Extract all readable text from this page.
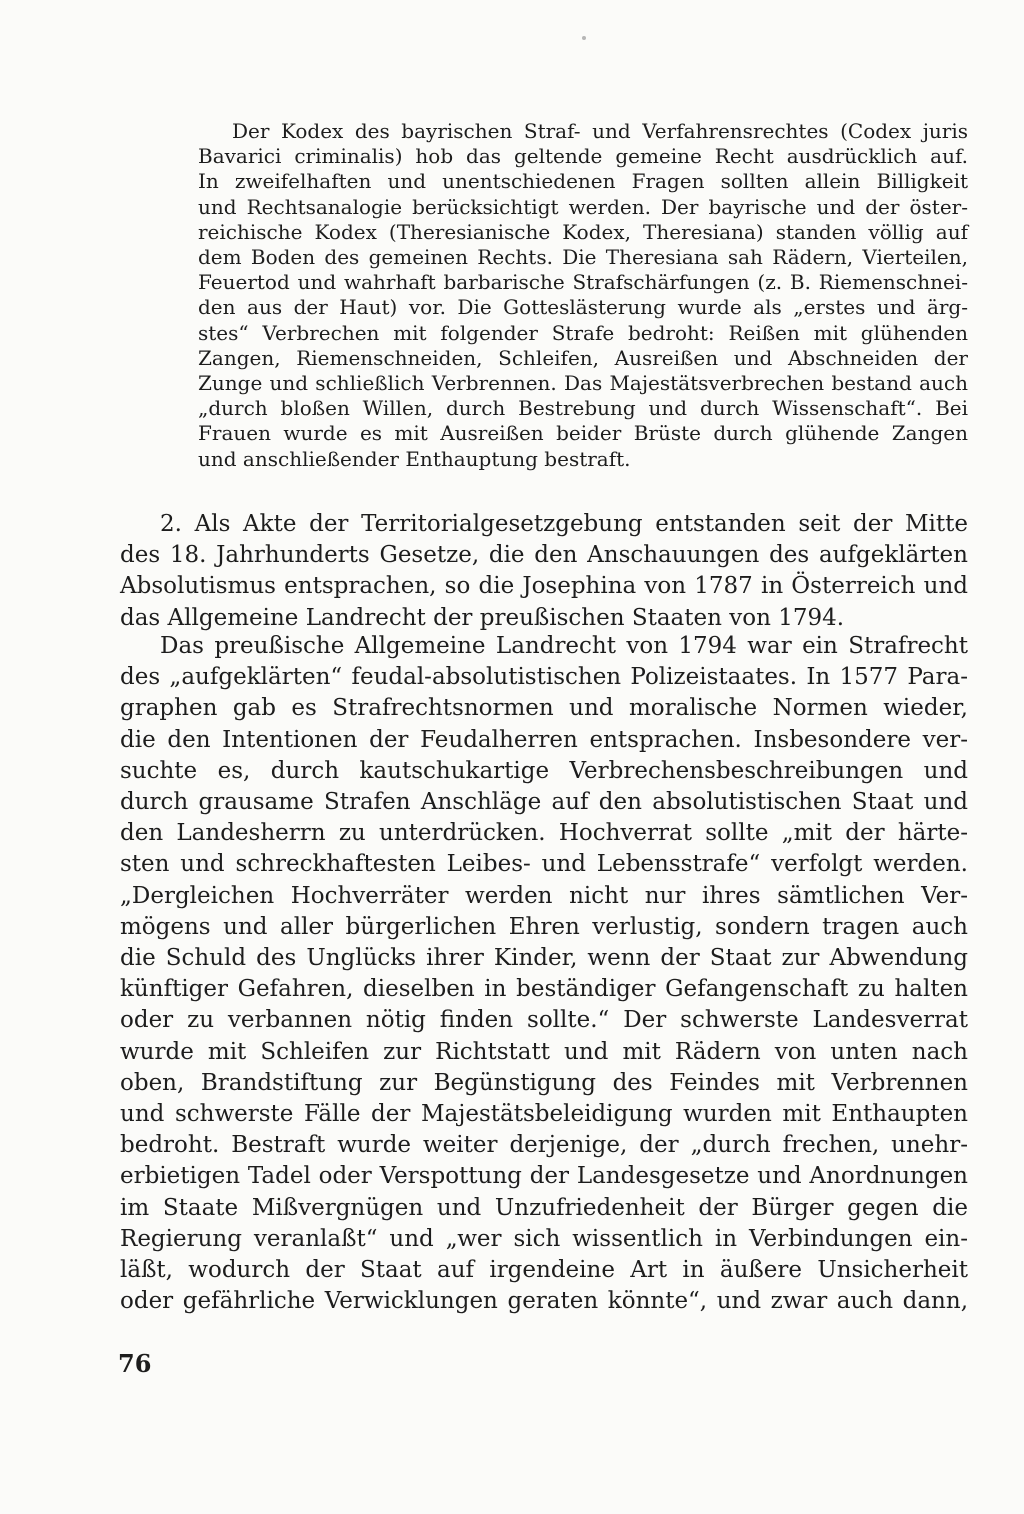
Der Kodex des bayrischen Straf- und Verfahrensrechtes (Codex juris
Bavarici criminalis) hob das geltende gemeine Recht ausdrücklich auf.
In zweifelhaften und unentschiedenen Fragen sollten allein Billigkeit
und Rechtsanalogie berücksichtigt werden. Der bayrische und der öster-
reichische Kodex (Theresianische Kodex, Theresiana) standen völlig auf
dem Boden des gemeinen Rechts. Die Theresiana sah Rädern, Vierteilen,
Feuertod und wahrhaft barbarische Strafschärfungen (z. B. Riemenschnei-
den aus der Haut) vor. Die Gotteslästerung wurde als „erstes und ärg-
stes“ Verbrechen mit folgender Strafe bedroht: Reißen mit glühenden
Zangen, Riemenschneiden, Schleifen, Ausreißen und Abschneiden der
Zunge und schließlich Verbrennen. Das Majestätsverbrechen bestand auch
„durch bloßen Willen, durch Bestrebung und durch Wissenschaft“. Bei
Frauen wurde es mit Ausreißen beider Brüste durch glühende Zangen
und anschließender Enthauptung bestraft.
2. Als Akte der Territorialgesetzgebung entstanden seit der Mitte
des 18. Jahrhunderts Gesetze, die den Anschauungen des aufgeklärten
Absolutismus entsprachen, so die Josephina von 1787 in Österreich und
das Allgemeine Landrecht der preußischen Staaten von 1794.
Das preußische Allgemeine Landrecht von 1794 war ein Strafrecht
des „aufgeklärten“ feudal-absolutistischen Polizeistaates. In 1577 Para-
graphen gab es Strafrechtsnormen und moralische Normen wieder,
die den Intentionen der Feudalherren entsprachen. Insbesondere ver-
suchte es, durch kautschukartige Verbrechensbeschreibungen und
durch grausame Strafen Anschläge auf den absolutistischen Staat und
den Landesherrn zu unterdrücken. Hochverrat sollte „mit der härte-
sten und schreckhaftesten Leibes- und Lebensstrafe“ verfolgt werden.
„Dergleichen Hochverräter werden nicht nur ihres sämtlichen Ver-
mögens und aller bürgerlichen Ehren verlustig, sondern tragen auch
die Schuld des Unglücks ihrer Kinder, wenn der Staat zur Abwendung
künftiger Gefahren, dieselben in beständiger Gefangenschaft zu halten
oder zu verbannen nötig finden sollte.“ Der schwerste Landesverrat
wurde mit Schleifen zur Richtstatt und mit Rädern von unten nach
oben, Brandstiftung zur Begünstigung des Feindes mit Verbrennen
und schwerste Fälle der Majestätsbeleidigung wurden mit Enthaupten
bedroht. Bestraft wurde weiter derjenige, der „durch frechen, unehr-
erbietigen Tadel oder Verspottung der Landesgesetze und Anordnungen
im Staate Mißvergnügen und Unzufriedenheit der Bürger gegen die
Regierung veranlaßt“ und „wer sich wissentlich in Verbindungen ein-
läßt, wodurch der Staat auf irgendeine Art in äußere Unsicherheit
oder gefährliche Verwicklungen geraten könnte“, und zwar auch dann,
76
